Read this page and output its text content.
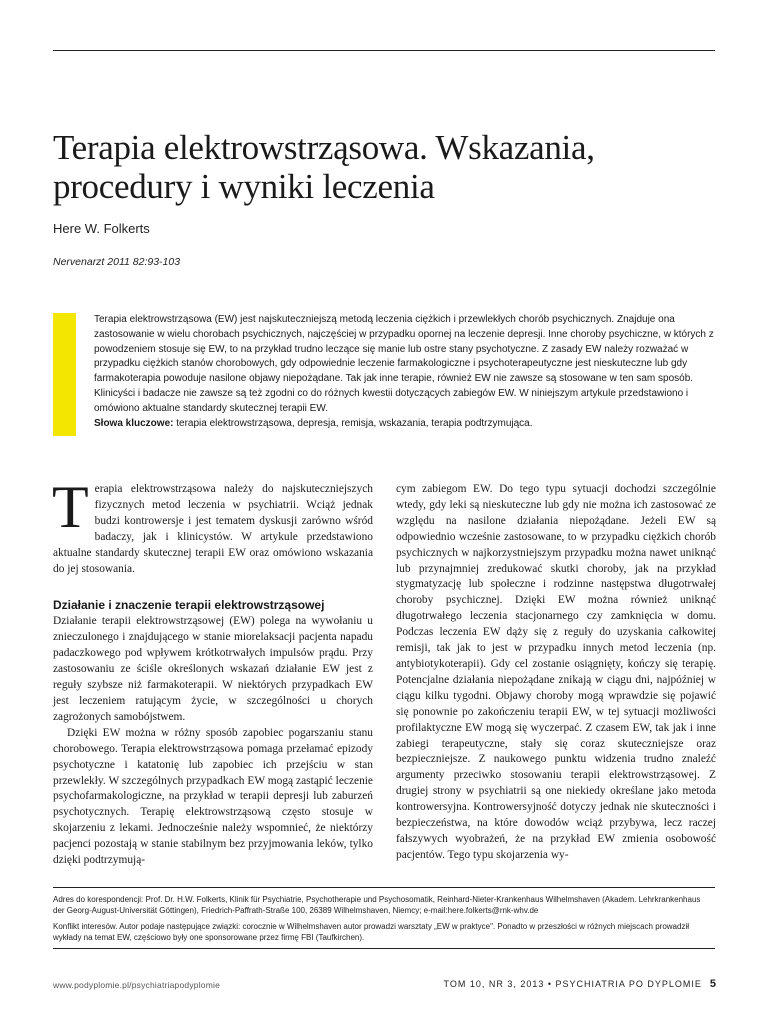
Terapia elektrowstrząsowa. Wskazania, procedury i wyniki leczenia
Here W. Folkerts
Nervenarzt 2011 82:93-103
Terapia elektrowstrząsowa (EW) jest najskuteczniejszą metodą leczenia ciężkich i przewlekłych chorób psychicznych. Znajduje ona zastosowanie w wielu chorobach psychicznych, najczęściej w przypadku opornej na leczenie depresji. Inne choroby psychiczne, w których z powodzeniem stosuje się EW, to na przykład trudno leczące się manie lub ostre stany psychotyczne. Z zasady EW należy rozważać w przypadku ciężkich stanów chorobowych, gdy odpowiednie leczenie farmakologiczne i psychoterapeutyczne jest nieskuteczne lub gdy farmakoterapia powoduje nasilone objawy niepożądane. Tak jak inne terapie, również EW nie zawsze są stosowane w ten sam sposób. Klinicyści i badacze nie zawsze są też zgodni co do różnych kwestii dotyczących zabiegów EW. W niniejszym artykule przedstawiono i omówiono aktualne standardy skutecznej terapii EW.
Słowa kluczowe: terapia elektrowstrząsowa, depresja, remisja, wskazania, terapia podtrzymująca.

Terapia elektrowstrząsowa należy do najskuteczniejszych fizycznych metod leczenia w psychiatrii. Wciąż jednak budzi kontrowersje i jest tematem dyskusji zarówno wśród badaczy, jak i klinicystów. W artykule przedstawiono aktualne standardy skutecznej terapii EW oraz omówiono wskazania do jej stosowania.

Działanie i znaczenie terapii elektrowstrząsowej

Działanie terapii elektrowstrząsowej (EW) polega na wywołaniu u znieczulonego i znajdującego w stanie miorelaksacji pacjenta napadu padaczkowego pod wpływem krótkotrwałych impulsów prądu. Przy zastosowaniu ze ściśle określonych wskazań działanie EW jest z reguły szybsze niż farmakoterapii. W niektórych przypadkach EW jest leczeniem ratującym życie, w szczególności u chorych zagrożonych samobójstwem.

Dzięki EW można w różny sposób zapobiec pogarszaniu stanu chorobowego. Terapia elektrowstrząsowa pomaga przełamać epizody psychotyczne i katatonię lub zapobiec ich przejściu w stan przewlekły. W szczególnych przypadkach EW mogą zastąpić leczenie psychofarmakologiczne, na przykład w terapii depresji lub zaburzeń psychotycznych. Terapię elektrowstrząsową często stosuje w skojarzeniu z lekami. Jednocześnie należy wspomnieć, że niektórzy pacjenci pozostają w stanie stabilnym bez przyjmowania leków, tylko dzięki podtrzymują-

cym zabiegom EW. Do tego typu sytuacji dochodzi szczególnie wtedy, gdy leki są nieskuteczne lub gdy nie można ich zastosować ze względu na nasilone działania niepożądane. Jeżeli EW są odpowiednio wcześnie zastosowane, to w przypadku ciężkich chorób psychicznych w najkorzystniejszym przypadku można nawet uniknąć lub przynajmniej zredukować skutki choroby, jak na przykład stygmatyzację lub społeczne i rodzinne następstwa długotrwałej choroby psychicznej. Dzięki EW można również uniknąć długotrwałego leczenia stacjonarnego czy zamknięcia w domu. Podczas leczenia EW dąży się z reguły do uzyskania całkowitej remisji, tak jak to jest w przypadku innych metod leczenia (np. antybiotykoterapii). Gdy cel zostanie osiągnięty, kończy się terapię. Potencjalne działania niepożądane znikają w ciągu dni, najpóźniej w ciągu kilku tygodni. Objawy choroby mogą wprawdzie się pojawić się ponownie po zakończeniu terapii EW, w tej sytuacji możliwości profilaktyczne EW mogą się wyczerpać. Z czasem EW, tak jak i inne zabiegi terapeutyczne, stały się coraz skuteczniejsze oraz bezpieczniejsze. Z naukowego punktu widzenia trudno znaleźć argumenty przeciwko stosowaniu terapii elektrowstrząsowej. Z drugiej strony w psychiatrii są one niekiedy określane jako metoda kontrowersyjna. Kontrowersyjność dotyczy jednak nie skuteczności i bezpieczeństwa, na które dowodów wciąż przybywa, lecz raczej fałszywych wyobrażeń, że na przykład EW zmienia osobowość pacjentów. Tego typu skojarzenia wy-

Adres do korespondencji: Prof. Dr. H.W. Folkerts, Klinik für Psychiatrie, Psychotherapie und Psychosomatik, Reinhard-Nieter-Krankenhaus Wilhelmshaven (Akadem. Lehrkrankenhaus der Georg-August-Universität Göttingen), Friedrich-Paffrath-Straße 100, 26389 Wilhelmshaven, Niemcy; e-mail:here.folkerts@rnk-whv.de

Konflikt interesów. Autor podaje następujące związki: corocznie w Wilhelmshaven autor prowadzi warsztaty „EW w praktyce". Ponadto w przeszłości w różnych miejscach prowadził wykłady na temat EW, częściowo były one sponsorowane przez firmę FBI (Taufkirchen).

www.podyplomie.pl/psychiatriapodyplomie	TOM 10, NR 3, 2013 • PSYCHIATRIA PO DYPLOMIE 5
